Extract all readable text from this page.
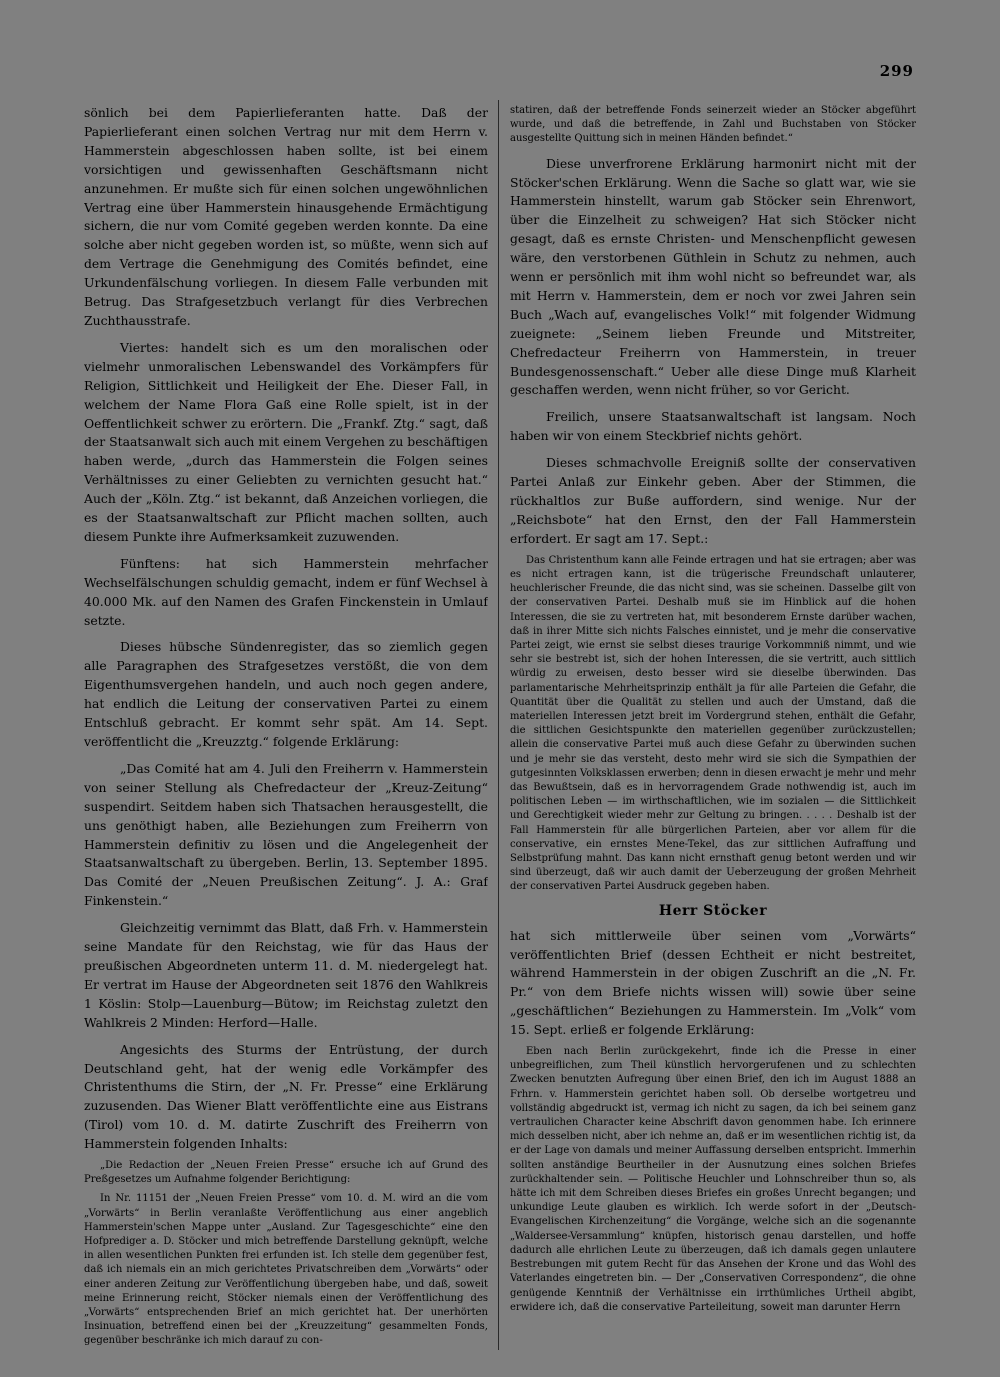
299

sönlich bei dem Papierlieferanten hatte. Daß der Papierlieferant einen solchen Vertrag nur mit dem Herrn v. Hammerstein abgeschlossen haben sollte, ist bei einem vorsichtigen und gewissenhaften Geschäftsmann nicht anzunehmen. Er mußte sich für einen solchen ungewöhnlichen Vertrag eine über Hammerstein hinausgehende Ermächtigung sichern, die nur vom Comité gegeben werden konnte. Da eine solche aber nicht gegeben worden ist, so müßte, wenn sich auf dem Vertrage die Genehmigung des Comités befindet, eine Urkundenfälschung vorliegen. In diesem Falle verbunden mit Betrug. Das Strafgesetzbuch verlangt für dies Verbrechen Zuchthausstrafe.

Viertes: handelt sich es um den moralischen oder vielmehr unmoralischen Lebenswandel des Vorkämpfers für Religion, Sittlichkeit und Heiligkeit der Ehe. Dieser Fall, in welchem der Name Flora Gaß eine Rolle spielt, ist in der Oeffentlichkeit schwer zu erörtern. Die „Frankf. Ztg.“ sagt, daß der Staatsanwalt sich auch mit einem Vergehen zu beschäftigen haben werde, „durch das Hammerstein die Folgen seines Verhältnisses zu einer Geliebten zu vernichten gesucht hat.“ Auch der „Köln. Ztg.“ ist bekannt, daß Anzeichen vorliegen, die es der Staatsanwaltschaft zur Pflicht machen sollten, auch diesem Punkte ihre Aufmerksamkeit zuzuwenden.

Fünftens: hat sich Hammerstein mehrfacher Wechselfälschungen schuldig gemacht, indem er fünf Wechsel à 40.000 Mk. auf den Namen des Grafen Finckenstein in Umlauf setzte.

Dieses hübsche Sündenregister, das so ziemlich gegen alle Paragraphen des Strafgesetzes verstößt, die von dem Eigenthumsvergehen handeln, und auch noch gegen andere, hat endlich die Leitung der conservativen Partei zu einem Entschluß gebracht. Er kommt sehr spät. Am 14. Sept. veröffentlicht die „Kreuzztg.“ folgende Erklärung:

„Das Comité hat am 4. Juli den Freiherrn v. Hammerstein von seiner Stellung als Chefredacteur der „Kreuz-Zeitung“ suspendirt. Seitdem haben sich Thatsachen herausgestellt, die uns genöthigt haben, alle Beziehungen zum Freiherrn von Hammerstein definitiv zu lösen und die Angelegenheit der Staatsanwaltschaft zu übergeben. Berlin, 13. September 1895. Das Comité der „Neuen Preußischen Zeitung“. J. A.: Graf Finkenstein.“

Gleichzeitig vernimmt das Blatt, daß Frh. v. Hammerstein seine Mandate für den Reichstag, wie für das Haus der preußischen Abgeordneten unterm 11. d. M. niedergelegt hat. Er vertrat im Hause der Abgeordneten seit 1876 den Wahlkreis 1 Köslin: Stolp—Lauenburg—Bütow; im Reichstag zuletzt den Wahlkreis 2 Minden: Herford—Halle.

Angesichts des Sturms der Entrüstung, der durch Deutschland geht, hat der wenig edle Vorkämpfer des Christenthums die Stirn, der „N. Fr. Presse“ eine Erklärung zuzusenden. Das Wiener Blatt veröffentlichte eine aus Eistrans (Tirol) vom 10. d. M. datirte Zuschrift des Freiherrn von Hammerstein folgenden Inhalts:

„Die Redaction der „Neuen Freien Presse“ ersuche ich auf Grund des Preßgesetzes um Aufnahme folgender Berichtigung:

In Nr. 11151 der „Neuen Freien Presse“ vom 10. d. M. wird an die vom „Vorwärts“ in Berlin veranlaßte Veröffentlichung aus einer angeblich Hammerstein'schen Mappe unter „Ausland. Zur Tagesgeschichte“ eine den Hofprediger a. D. Stöcker und mich betreffende Darstellung geknüpft, welche in allen wesentlichen Punkten frei erfunden ist. Ich stelle dem gegenüber fest, daß ich niemals ein an mich gerichtetes Privatschreiben dem „Vorwärts“ oder einer anderen Zeitung zur Veröffentlichung übergeben habe, und daß, soweit meine Erinnerung reicht, Stöcker niemals einen der Veröffentlichung des „Vorwärts“ entsprechenden Brief an mich gerichtet hat. Der unerhörten Insinuation, betreffend einen bei der „Kreuzzeitung“ gesammelten Fonds, gegenüber beschränke ich mich darauf zu con-

statiren, daß der betreffende Fonds seinerzeit wieder an Stöcker abgeführt wurde, und daß die betreffende, in Zahl und Buchstaben von Stöcker ausgestellte Quittung sich in meinen Händen befindet.“

Diese unverfrorene Erklärung harmonirt nicht mit der Stöcker'schen Erklärung. Wenn die Sache so glatt war, wie sie Hammerstein hinstellt, warum gab Stöcker sein Ehrenwort, über die Einzelheit zu schweigen? Hat sich Stöcker nicht gesagt, daß es ernste Christen- und Menschenpflicht gewesen wäre, den verstorbenen Güthlein in Schutz zu nehmen, auch wenn er persönlich mit ihm wohl nicht so befreundet war, als mit Herrn v. Hammerstein, dem er noch vor zwei Jahren sein Buch „Wach auf, evangelisches Volk!“ mit folgender Widmung zueignete: „Seinem lieben Freunde und Mitstreiter, Chefredacteur Freiherrn von Hammerstein, in treuer Bundesgenossenschaft.“ Ueber alle diese Dinge muß Klarheit geschaffen werden, wenn nicht früher, so vor Gericht.

Freilich, unsere Staatsanwaltschaft ist langsam. Noch haben wir von einem Steckbrief nichts gehört.

Dieses schmachvolle Ereigniß sollte der conservativen Partei Anlaß zur Einkehr geben. Aber der Stimmen, die rückhaltlos zur Buße auffordern, sind wenige. Nur der „Reichsbote“ hat den Ernst, den der Fall Hammerstein erfordert. Er sagt am 17. Sept.:

Das Christenthum kann alle Feinde ertragen und hat sie ertragen; aber was es nicht ertragen kann, ist die trügerische Freundschaft unlauterer, heuchlerischer Freunde, die das nicht sind, was sie scheinen. Dasselbe gilt von der conservativen Partei. Deshalb muß sie im Hinblick auf die hohen Interessen, die sie zu vertreten hat, mit besonderem Ernste darüber wachen, daß in ihrer Mitte sich nichts Falsches einnistet, und je mehr die conservative Partei zeigt, wie ernst sie selbst dieses traurige Vorkommniß nimmt, und wie sehr sie bestrebt ist, sich der hohen Interessen, die sie vertritt, auch sittlich würdig zu erweisen, desto besser wird sie dieselbe überwinden. Das parlamentarische Mehrheitsprinzip enthält ja für alle Parteien die Gefahr, die Quantität über die Qualität zu stellen und auch der Umstand, daß die materiellen Interessen jetzt breit im Vordergrund stehen, enthält die Gefahr, die sittlichen Gesichtspunkte den materiellen gegenüber zurückzustellen; allein die conservative Partei muß auch diese Gefahr zu überwinden suchen und je mehr sie das versteht, desto mehr wird sie sich die Sympathien der gutgesinnten Volksklassen erwerben; denn in diesen erwacht je mehr und mehr das Bewußtsein, daß es in hervorragendem Grade nothwendig ist, auch im politischen Leben — im wirthschaftlichen, wie im sozialen — die Sittlichkeit und Gerechtigkeit wieder mehr zur Geltung zu bringen. . . . . Deshalb ist der Fall Hammerstein für alle bürgerlichen Parteien, aber vor allem für die conservative, ein ernstes Mene-Tekel, das zur sittlichen Aufraffung und Selbstprüfung mahnt. Das kann nicht ernsthaft genug betont werden und wir sind überzeugt, daß wir auch damit der Ueberzeugung der großen Mehrheit der conservativen Partei Ausdruck gegeben haben.

Herr Stöcker

hat sich mittlerweile über seinen vom „Vorwärts“ veröffentlichten Brief (dessen Echtheit er nicht bestreitet, während Hammerstein in der obigen Zuschrift an die „N. Fr. Pr.“ von dem Briefe nichts wissen will) sowie über seine „geschäftlichen“ Beziehungen zu Hammerstein. Im „Volk“ vom 15. Sept. erließ er folgende Erklärung:

Eben nach Berlin zurückgekehrt, finde ich die Presse in einer unbegreiflichen, zum Theil künstlich hervorgerufenen und zu schlechten Zwecken benutzten Aufregung über einen Brief, den ich im August 1888 an Frhrn. v. Hammerstein gerichtet haben soll. Ob derselbe wortgetreu und vollständig abgedruckt ist, vermag ich nicht zu sagen, da ich bei seinem ganz vertraulichen Character keine Abschrift davon genommen habe. Ich erinnere mich desselben nicht, aber ich nehme an, daß er im wesentlichen richtig ist, da er der Lage von damals und meiner Auffassung derselben entspricht. Immerhin sollten anständige Beurtheiler in der Ausnutzung eines solchen Briefes zurückhaltender sein. — Politische Heuchler und Lohnschreiber thun so, als hätte ich mit dem Schreiben dieses Briefes ein großes Unrecht begangen; und unkundige Leute glauben es wirklich. Ich werde sofort in der „Deutsch-Evangelischen Kirchenzeitung“ die Vorgänge, welche sich an die sogenannte „Waldersee-Versammlung“ knüpfen, historisch genau darstellen, und hoffe dadurch alle ehrlichen Leute zu überzeugen, daß ich damals gegen unlautere Bestrebungen mit gutem Recht für das Ansehen der Krone und das Wohl des Vaterlandes eingetreten bin. — Der „Conservativen Correspondenz“, die ohne genügende Kenntniß der Verhältnisse ein irrthümliches Urtheil abgibt, erwidere ich, daß die conservative Parteileitung, soweit man darunter Herrn
